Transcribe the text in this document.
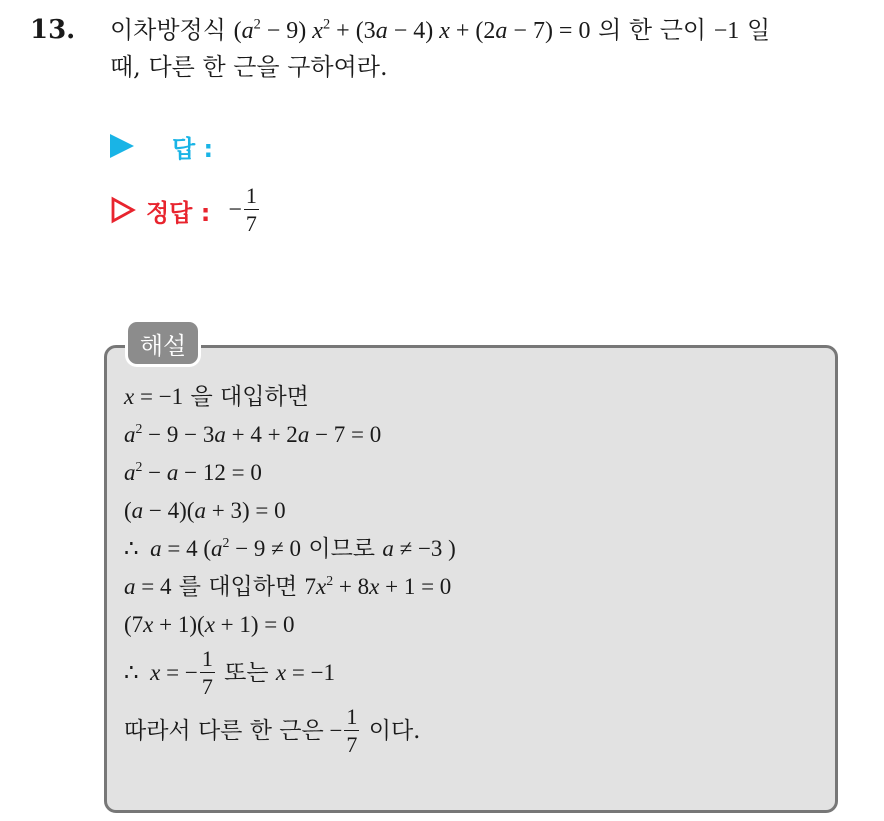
13. 이차방정식 $(a^2 - 9) x^2 + (3a - 4) x + (2a - 7) = 0$ 의 한 근이 −1 일
때, 다른 한 근을 구하여라.
답 :
정답 : − $\frac{1}{7}$
해설
x = −1 을 대입하면
$a^2 - 9 - 3a + 4 + 2a - 7 = 0$
$a^2 - a - 12 = 0$
(a − 4)(a + 3) = 0
∴  a = 4 ($a^2 - 9 \ne 0$ 이므로 a ≠ −3 )
a = 4 를 대입하면 $7x^2 + 8x + 1 = 0$
(7x + 1)(x + 1) = 0
∴  x = − $\frac{1}{7}$ 또는 x = −1
따라서 다른 한 근은 − $\frac{1}{7}$ 이다.
